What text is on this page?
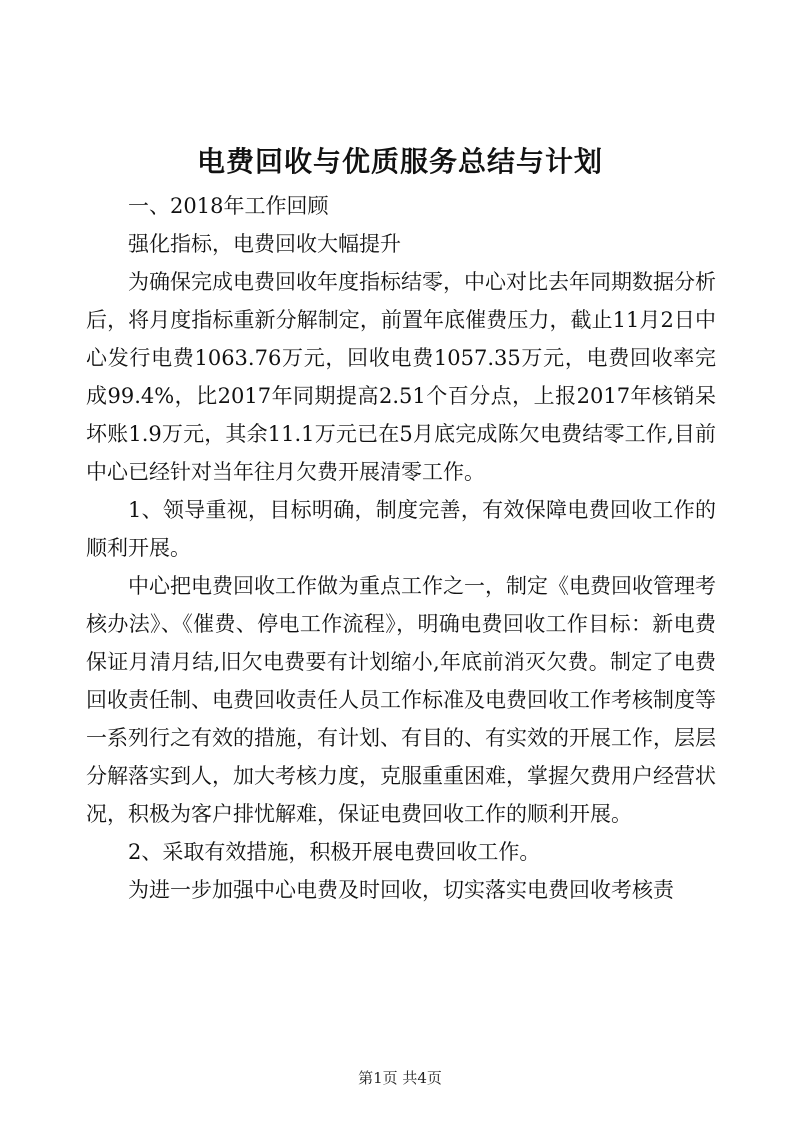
电费回收与优质服务总结与计划

一、2018年工作回顾

强化指标，电费回收大幅提升

为确保完成电费回收年度指标结零，中心对比去年同期数据分析后，将月度指标重新分解制定，前置年底催费压力，截止11月2日中心发行电费1063.76万元，回收电费1057.35万元，电费回收率完成99.4%，比2017年同期提高2.51个百分点，上报2017年核销呆坏账1.9万元，其余11.1万元已在5月底完成陈欠电费结零工作,目前中心已经针对当年往月欠费开展清零工作。

1、领导重视，目标明确，制度完善，有效保障电费回收工作的顺利开展。

中心把电费回收工作做为重点工作之一，制定《电费回收管理考核办法》、《催费、停电工作流程》，明确电费回收工作目标：新电费保证月清月结,旧欠电费要有计划缩小,年底前消灭欠费。制定了电费回收责任制、电费回收责任人员工作标准及电费回收工作考核制度等一系列行之有效的措施，有计划、有目的、有实效的开展工作，层层分解落实到人，加大考核力度，克服重重困难，掌握欠费用户经营状况，积极为客户排忧解难，保证电费回收工作的顺利开展。

2、采取有效措施，积极开展电费回收工作。

为进一步加强中心电费及时回收，切实落实电费回收考核责

第1页 共4页
